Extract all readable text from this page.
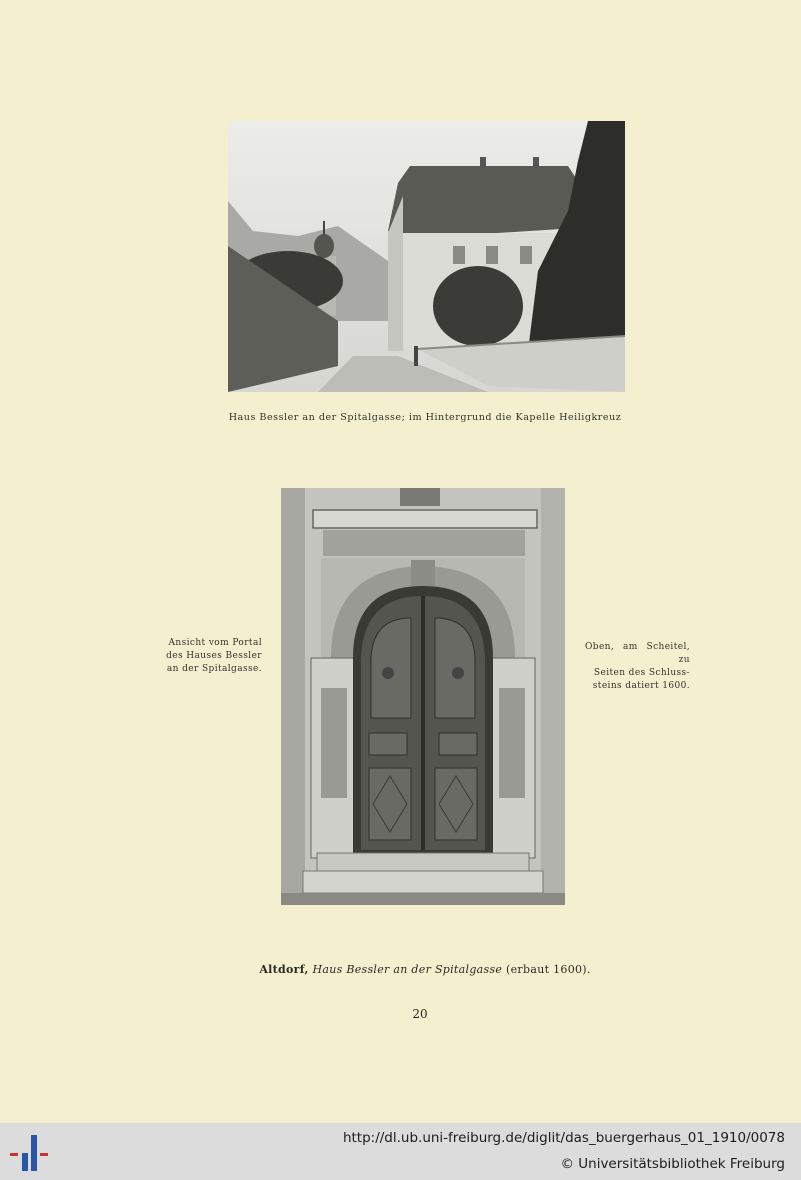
Haus Bessler an der Spitalgasse; im Hintergrund die Kapelle Heiligkreuz
Ansicht vom Portal
des Hauses Bessler
an der Spitalgasse.
Oben, am Scheitel, zu
Seiten des Schluss-
steins datiert 1600.
Altdorf, Haus Bessler an der Spitalgasse (erbaut 1600).
20
http://dl.ub.uni-freiburg.de/diglit/das_buergerhaus_01_1910/0078
© Universitätsbibliothek Freiburg
